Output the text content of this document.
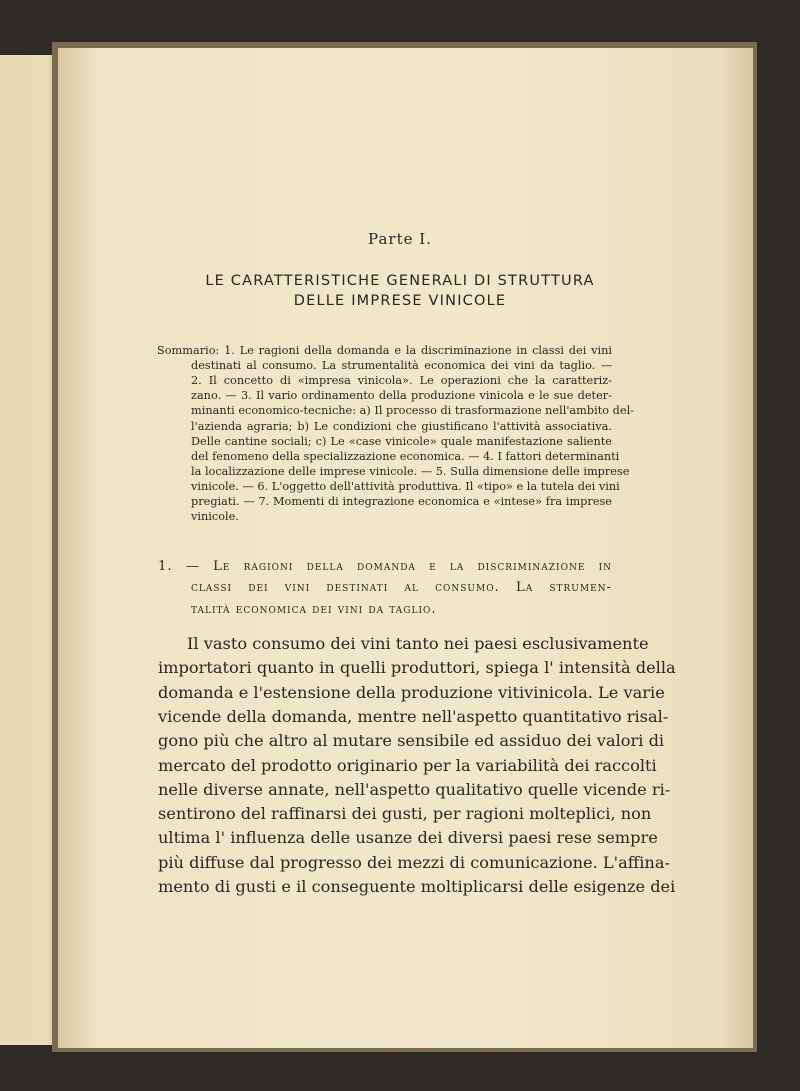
Parte I.
LE CARATTERISTICHE GENERALI DI STRUTTURA
DELLE IMPRESE VINICOLE
Sommario: 1. Le ragioni della domanda e la discriminazione in classi dei vini
destinati al consumo. La strumentalità economica dei vini da taglio. —
2. Il concetto di «impresa vinicola». Le operazioni che la caratteriz-
zano. — 3. Il vario ordinamento della produzione vinicola e le sue deter-
minanti economico-tecniche: a) Il processo di trasformazione nell'ambito del-
l'azienda agraria; b) Le condizioni che giustificano l'attività associativa.
Delle cantine sociali; c) Le «case vinicole» quale manifestazione saliente
del fenomeno della specializzazione economica. — 4. I fattori determinanti
la localizzazione delle imprese vinicole. — 5. Sulla dimensione delle imprese
vinicole. — 6. L'oggetto dell'attività produttiva. Il «tipo» e la tutela dei vini
pregiati. — 7. Momenti di integrazione economica e «intese» fra imprese
vinicole.
1. — Le ragioni della domanda e la discriminazione in
classi dei vini destinati al consumo. La strumen-
talità economica dei vini da taglio.
Il vasto consumo dei vini tanto nei paesi esclusivamente
importatori quanto in quelli produttori, spiega l' intensità della
domanda e l'estensione della produzione vitivinicola. Le varie
vicende della domanda, mentre nell'aspetto quantitativo risal-
gono più che altro al mutare sensibile ed assiduo dei valori di
mercato del prodotto originario per la variabilità dei raccolti
nelle diverse annate, nell'aspetto qualitativo quelle vicende ri-
sentirono del raffinarsi dei gusti, per ragioni molteplici, non
ultima l' influenza delle usanze dei diversi paesi rese sempre
più diffuse dal progresso dei mezzi di comunicazione. L'affina-
mento di gusti e il conseguente moltiplicarsi delle esigenze dei
